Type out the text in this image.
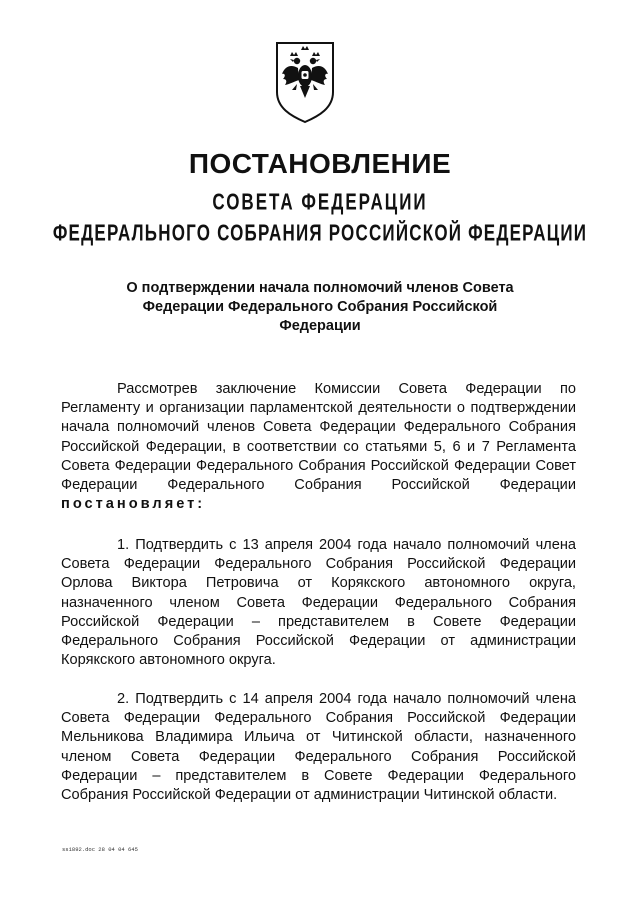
ПОСТАНОВЛЕНИЕ
СОВЕТА ФЕДЕРАЦИИ
ФЕДЕРАЛЬНОГО СОБРАНИЯ РОССИЙСКОЙ ФЕДЕРАЦИИ

О подтверждении начала полномочий членов Совета Федерации Федерального Собрания Российской Федерации

Рассмотрев заключение Комиссии Совета Федерации по Регламенту и организации парламентской деятельности о подтверждении начала полномочий членов Совета Федерации Федерального Собрания Российской Федерации, в соответствии со статьями 5, 6 и 7 Регламента Совета Федерации Федерального Собрания Российской Федерации Совет Федерации Федерального Собрания Российской Федерации постановляет:

1. Подтвердить с 13 апреля 2004 года начало полномочий члена Совета Федерации Федерального Собрания Российской Федерации Орлова Виктора Петровича от Корякского автономного округа, назначенного членом Совета Федерации Федерального Собрания Российской Федерации – представителем в Совете Федерации Федерального Собрания Российской Федерации от администрации Корякского автономного округа.

2. Подтвердить с 14 апреля 2004 года начало полномочий члена Совета Федерации Федерального Собрания Российской Федерации Мельникова Владимира Ильича от Читинской области, назначенного членом Совета Федерации Федерального Собрания Российской Федерации – представителем в Совете Федерации Федерального Собрания Российской Федерации от администрации Читинской области.

ss1892.doc 28 04 04 645
